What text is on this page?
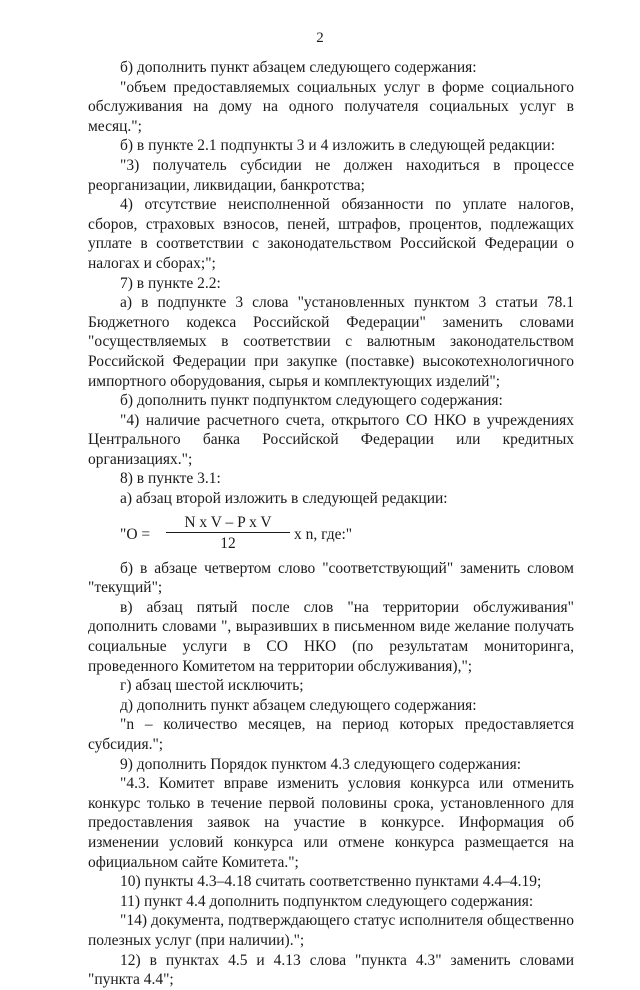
2

б) дополнить пункт абзацем следующего содержания:

"объем предоставляемых социальных услуг в форме социального обслуживания на дому на одного получателя социальных услуг в месяц.";

б) в пункте 2.1 подпункты 3 и 4 изложить в следующей редакции:

"3) получатель субсидии не должен находиться в процессе реорганизации, ликвидации, банкротства;

4) отсутствие неисполненной обязанности по уплате налогов, сборов, страховых взносов, пеней, штрафов, процентов, подлежащих уплате в соответствии с законодательством Российской Федерации о налогах и сборах;";

7) в пункте 2.2:

а) в подпункте 3 слова "установленных пунктом 3 статьи 78.1 Бюджетного кодекса Российской Федерации" заменить словами "осуществляемых в соответствии с валютным законодательством Российской Федерации при закупке (поставке) высокотехнологичного импортного оборудования, сырья и комплектующих изделий";

б) дополнить пункт подпунктом следующего содержания:

"4) наличие расчетного счета, открытого СО НКО в учреждениях Центрального банка Российской Федерации или кредитных организациях.";

8) в пункте 3.1:

а) абзац второй изложить в следующей редакции:

"О =
N x V – P x V
12
x n, где:"

б) в абзаце четвертом слово "соответствующий" заменить словом "текущий";

в) абзац пятый после слов "на территории обслуживания" дополнить словами ", выразивших в письменном виде желание получать социальные услуги в СО НКО (по результатам мониторинга, проведенного Комитетом на территории обслуживания),";

г) абзац шестой исключить;

д) дополнить пункт абзацем следующего содержания:

"n – количество месяцев, на период которых предоставляется субсидия.";

9) дополнить Порядок пунктом 4.3 следующего содержания:

"4.3. Комитет вправе изменить условия конкурса или отменить конкурс только в течение первой половины срока, установленного для предоставления заявок на участие в конкурсе. Информация об изменении условий конкурса или отмене конкурса размещается на официальном сайте Комитета.";

10) пункты 4.3–4.18 считать соответственно пунктами 4.4–4.19;

11) пункт 4.4 дополнить подпунктом следующего содержания:

"14) документа, подтверждающего статус исполнителя общественно полезных услуг (при наличии).";

12) в пунктах 4.5 и 4.13 слова "пункта 4.3" заменить словами "пункта 4.4";
